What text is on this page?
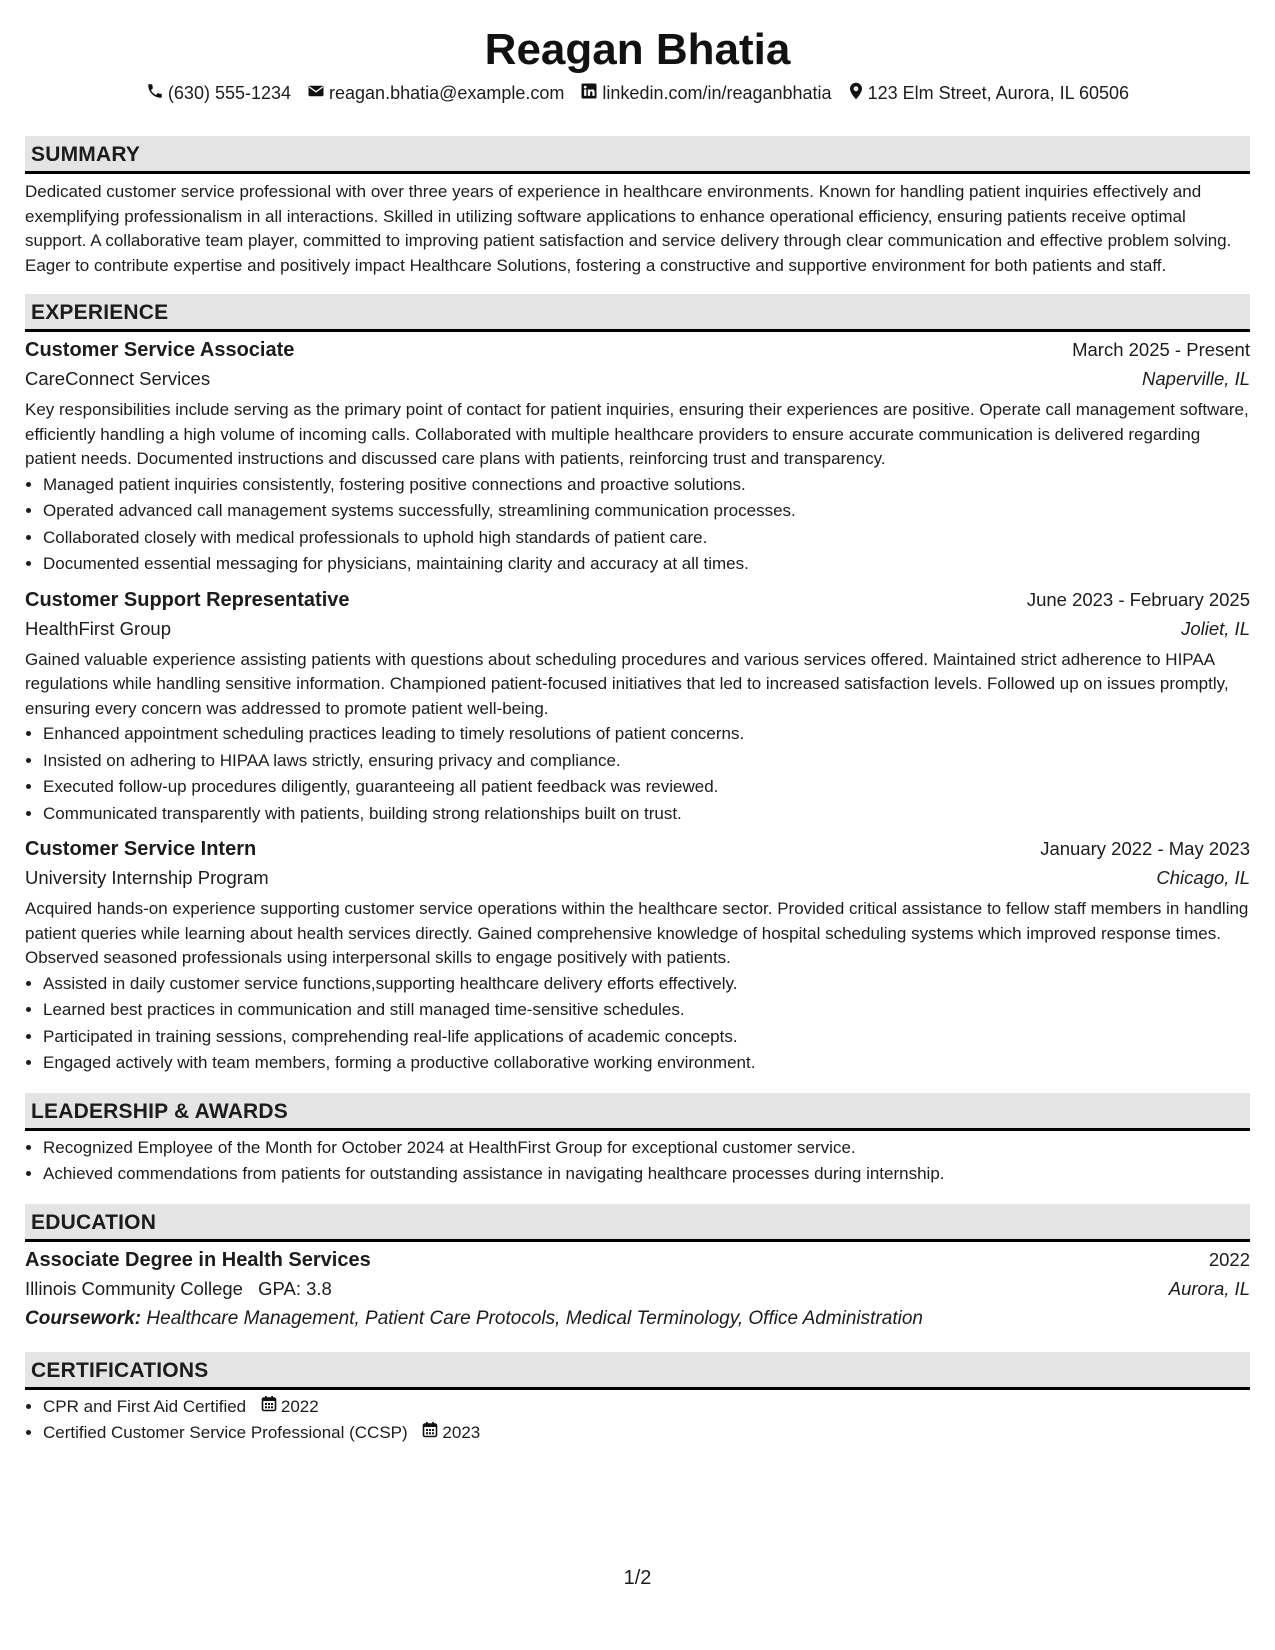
Reagan Bhatia
(630) 555-1234 reagan.bhatia@example.com linkedin.com/in/reaganbhatia 123 Elm Street, Aurora, IL 60506
SUMMARY
Dedicated customer service professional with over three years of experience in healthcare environments. Known for handling patient inquiries effectively and exemplifying professionalism in all interactions. Skilled in utilizing software applications to enhance operational efficiency, ensuring patients receive optimal support. A collaborative team player, committed to improving patient satisfaction and service delivery through clear communication and effective problem solving. Eager to contribute expertise and positively impact Healthcare Solutions, fostering a constructive and supportive environment for both patients and staff.
EXPERIENCE
Customer Service Associate	March 2025 - Present
CareConnect Services	Naperville, IL
Key responsibilities include serving as the primary point of contact for patient inquiries, ensuring their experiences are positive. Operate call management software, efficiently handling a high volume of incoming calls. Collaborated with multiple healthcare providers to ensure accurate communication is delivered regarding patient needs. Documented instructions and discussed care plans with patients, reinforcing trust and transparency.
• Managed patient inquiries consistently, fostering positive connections and proactive solutions.
• Operated advanced call management systems successfully, streamlining communication processes.
• Collaborated closely with medical professionals to uphold high standards of patient care.
• Documented essential messaging for physicians, maintaining clarity and accuracy at all times.
Customer Support Representative	June 2023 - February 2025
HealthFirst Group	Joliet, IL
Gained valuable experience assisting patients with questions about scheduling procedures and various services offered. Maintained strict adherence to HIPAA regulations while handling sensitive information. Championed patient-focused initiatives that led to increased satisfaction levels. Followed up on issues promptly, ensuring every concern was addressed to promote patient well-being.
• Enhanced appointment scheduling practices leading to timely resolutions of patient concerns.
• Insisted on adhering to HIPAA laws strictly, ensuring privacy and compliance.
• Executed follow-up procedures diligently, guaranteeing all patient feedback was reviewed.
• Communicated transparently with patients, building strong relationships built on trust.
Customer Service Intern	January 2022 - May 2023
University Internship Program	Chicago, IL
Acquired hands-on experience supporting customer service operations within the healthcare sector. Provided critical assistance to fellow staff members in handling patient queries while learning about health services directly. Gained comprehensive knowledge of hospital scheduling systems which improved response times. Observed seasoned professionals using interpersonal skills to engage positively with patients.
• Assisted in daily customer service functions,supporting healthcare delivery efforts effectively.
• Learned best practices in communication and still managed time-sensitive schedules.
• Participated in training sessions, comprehending real-life applications of academic concepts.
• Engaged actively with team members, forming a productive collaborative working environment.
LEADERSHIP & AWARDS
• Recognized Employee of the Month for October 2024 at HealthFirst Group for exceptional customer service.
• Achieved commendations from patients for outstanding assistance in navigating healthcare processes during internship.
EDUCATION
Associate Degree in Health Services	2022
Illinois Community College GPA: 3.8	Aurora, IL
Coursework: Healthcare Management, Patient Care Protocols, Medical Terminology, Office Administration
CERTIFICATIONS
• CPR and First Aid Certified 2022
• Certified Customer Service Professional (CCSP) 2023
1/2
